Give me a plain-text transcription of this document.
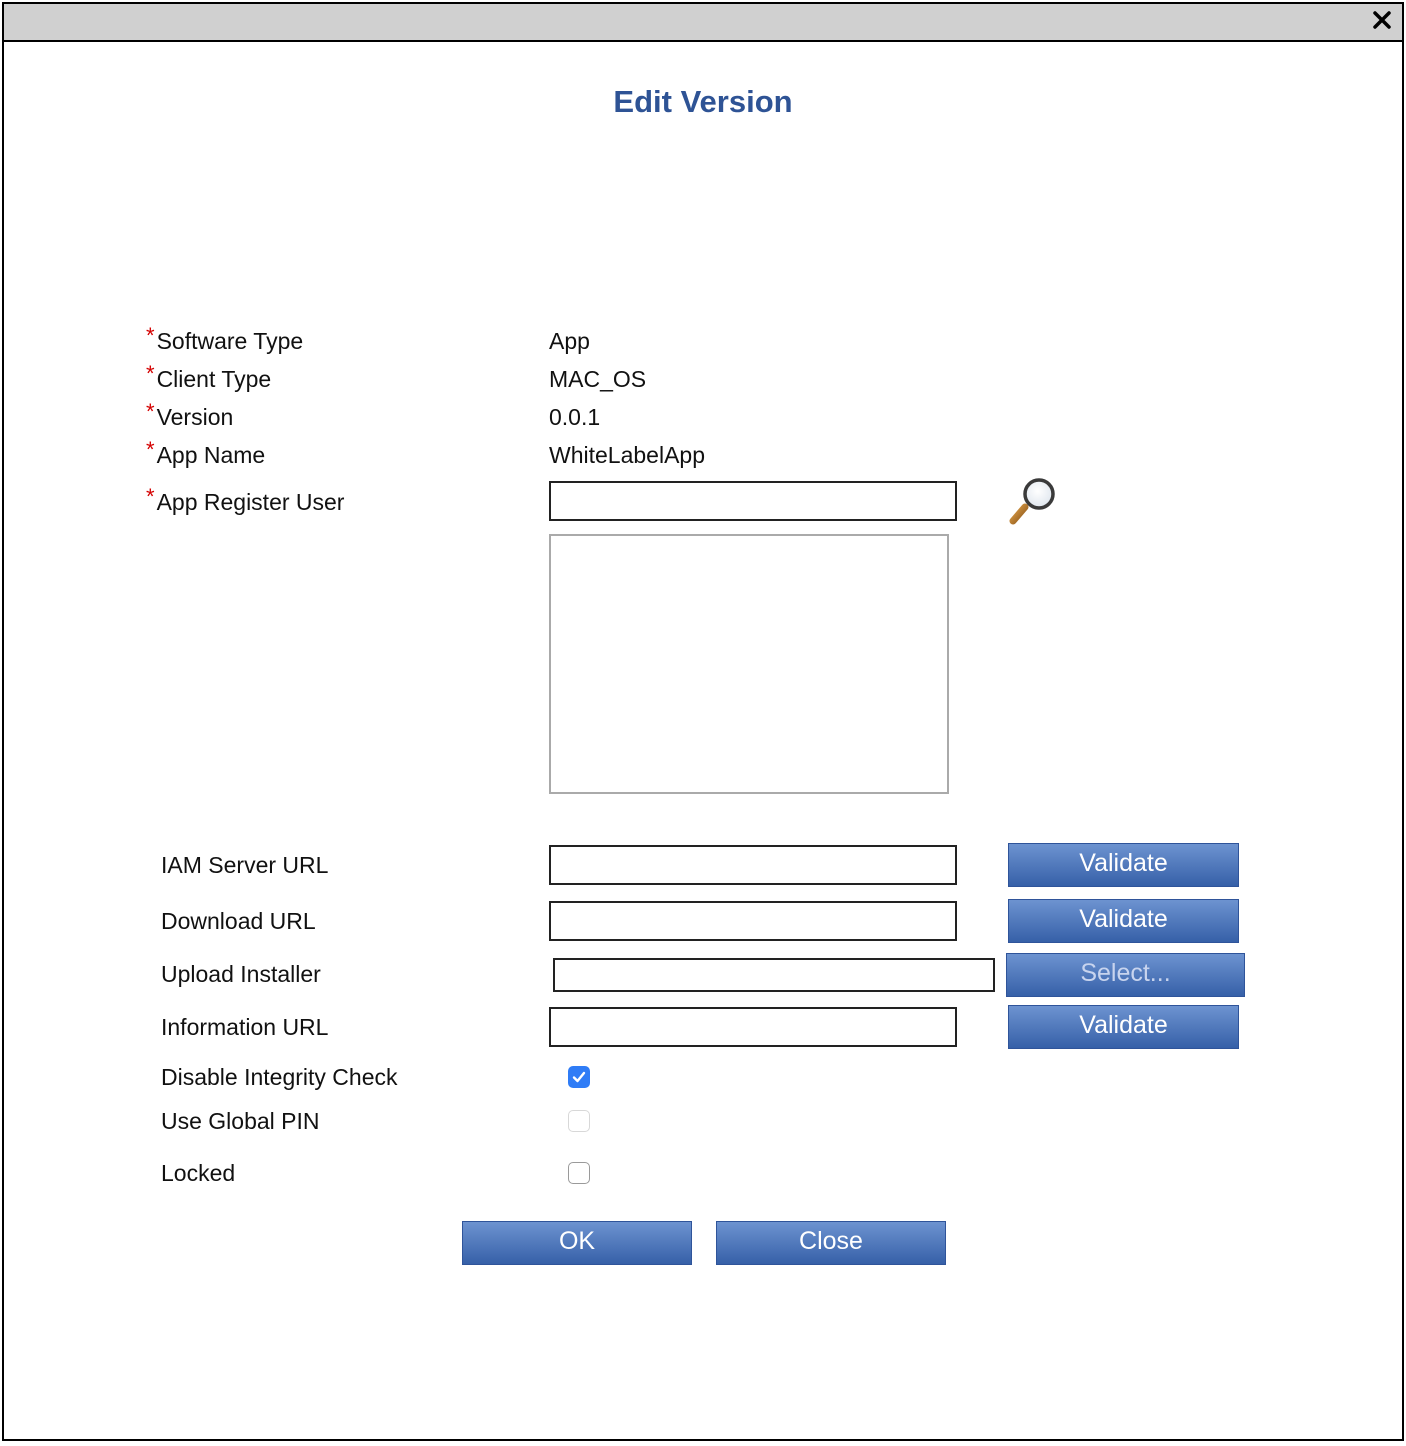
Edit Version
*Software Type	App
*Client Type	MAC_OS
*Version	0.0.1
*App Name	WhiteLabelApp
*App Register User
IAM Server URL	Validate
Download URL	Validate
Upload Installer	Select...
Information URL	Validate
Disable Integrity Check
Use Global PIN
Locked
OK	Close
